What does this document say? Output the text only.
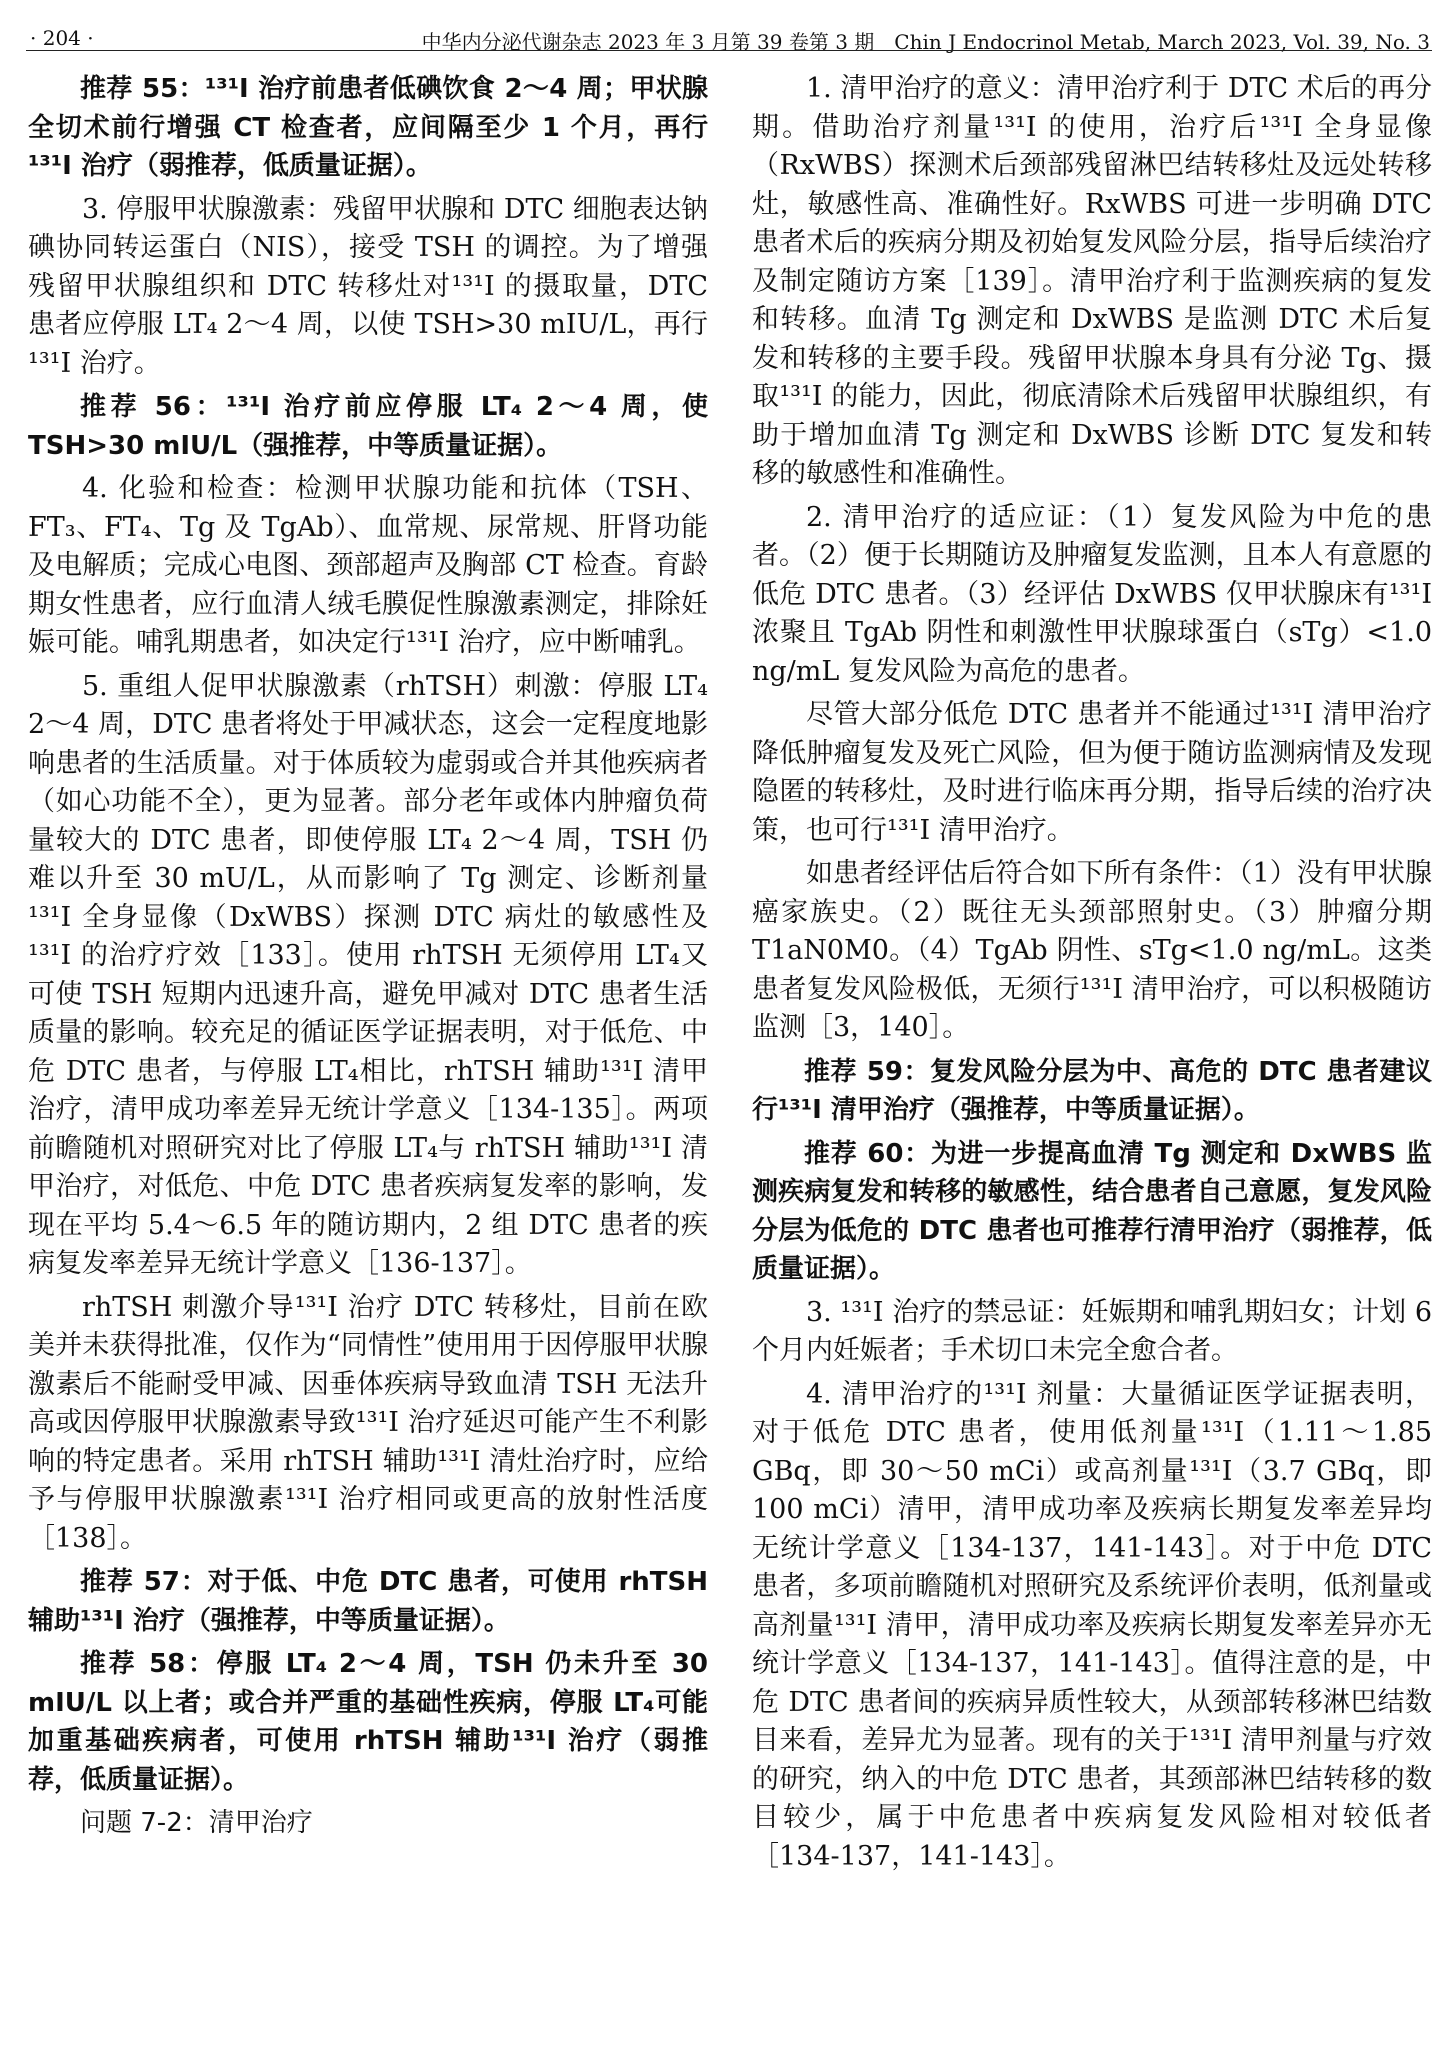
· 204 ·	中华内分泌代谢杂志 2023 年 3 月第 39 卷第 3 期　Chin J Endocrinol Metab, March 2023, Vol. 39, No. 3

推荐 55：¹³¹I 治疗前患者低碘饮食 2～4 周；甲状腺全切术前行增强 CT 检查者，应间隔至少 1 个月，再行¹³¹I 治疗（弱推荐，低质量证据）。

3. 停服甲状腺激素：残留甲状腺和 DTC 细胞表达钠碘协同转运蛋白（NIS），接受 TSH 的调控。为了增强残留甲状腺组织和 DTC 转移灶对¹³¹I 的摄取量，DTC 患者应停服 LT₄ 2～4 周，以使 TSH>30 mIU/L，再行¹³¹I 治疗。

推荐 56：¹³¹I 治疗前应停服 LT₄ 2～4 周，使 TSH>30 mIU/L（强推荐，中等质量证据）。

4. 化验和检查：检测甲状腺功能和抗体（TSH、FT₃、FT₄、Tg 及 TgAb）、血常规、尿常规、肝肾功能及电解质；完成心电图、颈部超声及胸部 CT 检查。育龄期女性患者，应行血清人绒毛膜促性腺激素测定，排除妊娠可能。哺乳期患者，如决定行¹³¹I 治疗，应中断哺乳。

5. 重组人促甲状腺激素（rhTSH）刺激：停服 LT₄ 2～4 周，DTC 患者将处于甲减状态，这会一定程度地影响患者的生活质量。对于体质较为虚弱或合并其他疾病者（如心功能不全），更为显著。部分老年或体内肿瘤负荷量较大的 DTC 患者，即使停服 LT₄ 2～4 周，TSH 仍难以升至 30 mU/L，从而影响了 Tg 测定、诊断剂量¹³¹I 全身显像（DxWBS）探测 DTC 病灶的敏感性及¹³¹I 的治疗疗效［133］。使用 rhTSH 无须停用 LT₄又可使 TSH 短期内迅速升高，避免甲减对 DTC 患者生活质量的影响。较充足的循证医学证据表明，对于低危、中危 DTC 患者，与停服 LT₄相比，rhTSH 辅助¹³¹I 清甲治疗，清甲成功率差异无统计学意义［134-135］。两项前瞻随机对照研究对比了停服 LT₄与 rhTSH 辅助¹³¹I 清甲治疗，对低危、中危 DTC 患者疾病复发率的影响，发现在平均 5.4～6.5 年的随访期内，2 组 DTC 患者的疾病复发率差异无统计学意义［136-137］。

rhTSH 刺激介导¹³¹I 治疗 DTC 转移灶，目前在欧美并未获得批准，仅作为“同情性”使用用于因停服甲状腺激素后不能耐受甲减、因垂体疾病导致血清 TSH 无法升高或因停服甲状腺激素导致¹³¹I 治疗延迟可能产生不利影响的特定患者。采用 rhTSH 辅助¹³¹I 清灶治疗时，应给予与停服甲状腺激素¹³¹I 治疗相同或更高的放射性活度［138］。

推荐 57：对于低、中危 DTC 患者，可使用 rhTSH 辅助¹³¹I 治疗（强推荐，中等质量证据）。

推荐 58：停服 LT₄ 2～4 周，TSH 仍未升至 30 mIU/L 以上者；或合并严重的基础性疾病，停服 LT₄可能加重基础疾病者，可使用 rhTSH 辅助¹³¹I 治疗（弱推荐，低质量证据）。

问题 7-2：清甲治疗

1. 清甲治疗的意义：清甲治疗利于 DTC 术后的再分期。借助治疗剂量¹³¹I 的使用，治疗后¹³¹I 全身显像（RxWBS）探测术后颈部残留淋巴结转移灶及远处转移灶，敏感性高、准确性好。RxWBS 可进一步明确 DTC 患者术后的疾病分期及初始复发风险分层，指导后续治疗及制定随访方案［139］。清甲治疗利于监测疾病的复发和转移。血清 Tg 测定和 DxWBS 是监测 DTC 术后复发和转移的主要手段。残留甲状腺本身具有分泌 Tg、摄取¹³¹I 的能力，因此，彻底清除术后残留甲状腺组织，有助于增加血清 Tg 测定和 DxWBS 诊断 DTC 复发和转移的敏感性和准确性。

2. 清甲治疗的适应证：（1）复发风险为中危的患者。（2）便于长期随访及肿瘤复发监测，且本人有意愿的低危 DTC 患者。（3）经评估 DxWBS 仅甲状腺床有¹³¹I 浓聚且 TgAb 阴性和刺激性甲状腺球蛋白（sTg）<1.0 ng/mL 复发风险为高危的患者。

尽管大部分低危 DTC 患者并不能通过¹³¹I 清甲治疗降低肿瘤复发及死亡风险，但为便于随访监测病情及发现隐匿的转移灶，及时进行临床再分期，指导后续的治疗决策，也可行¹³¹I 清甲治疗。

如患者经评估后符合如下所有条件：（1）没有甲状腺癌家族史。（2）既往无头颈部照射史。（3）肿瘤分期 T1aN0M0。（4）TgAb 阴性、sTg<1.0 ng/mL。这类患者复发风险极低，无须行¹³¹I 清甲治疗，可以积极随访监测［3，140］。

推荐 59：复发风险分层为中、高危的 DTC 患者建议行¹³¹I 清甲治疗（强推荐，中等质量证据）。

推荐 60：为进一步提高血清 Tg 测定和 DxWBS 监测疾病复发和转移的敏感性，结合患者自己意愿，复发风险分层为低危的 DTC 患者也可推荐行清甲治疗（弱推荐，低质量证据）。

3. ¹³¹I 治疗的禁忌证：妊娠期和哺乳期妇女；计划 6 个月内妊娠者；手术切口未完全愈合者。

4. 清甲治疗的¹³¹I 剂量：大量循证医学证据表明，对于低危 DTC 患者，使用低剂量¹³¹I（1.11～1.85 GBq，即 30～50 mCi）或高剂量¹³¹I（3.7 GBq，即 100 mCi）清甲，清甲成功率及疾病长期复发率差异均无统计学意义［134-137，141-143］。对于中危 DTC 患者，多项前瞻随机对照研究及系统评价表明，低剂量或高剂量¹³¹I 清甲，清甲成功率及疾病长期复发率差异亦无统计学意义［134-137，141-143］。值得注意的是，中危 DTC 患者间的疾病异质性较大，从颈部转移淋巴结数目来看，差异尤为显著。现有的关于¹³¹I 清甲剂量与疗效的研究，纳入的中危 DTC 患者，其颈部淋巴结转移的数目较少，属于中危患者中疾病复发风险相对较低者［134-137，141-143］。
